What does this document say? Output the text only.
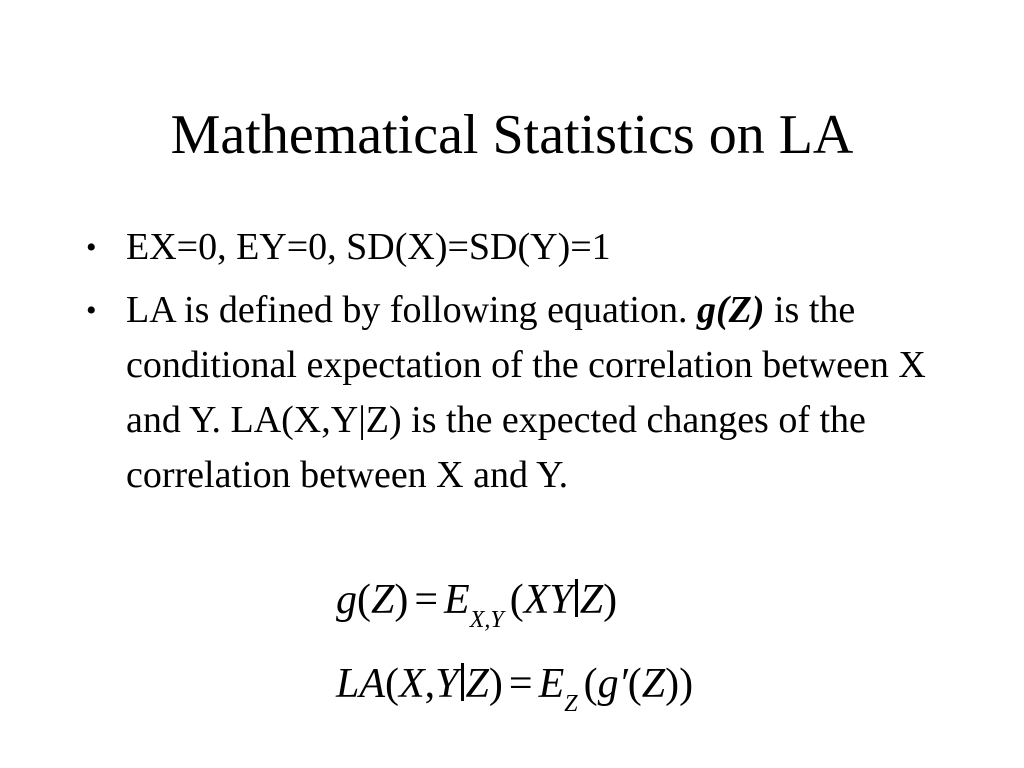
Mathematical Statistics on LA
• EX=0, EY=0, SD(X)=SD(Y)=1
• LA is defined by following equation. g(Z) is the conditional expectation of the correlation between X and Y. LA(X,Y|Z) is the expected changes of the correlation between X and Y.
$g(Z) = E_{X,Y}$ (XY Z)
LA(X,Y $Z) = E_Z$ (g′(Z))
